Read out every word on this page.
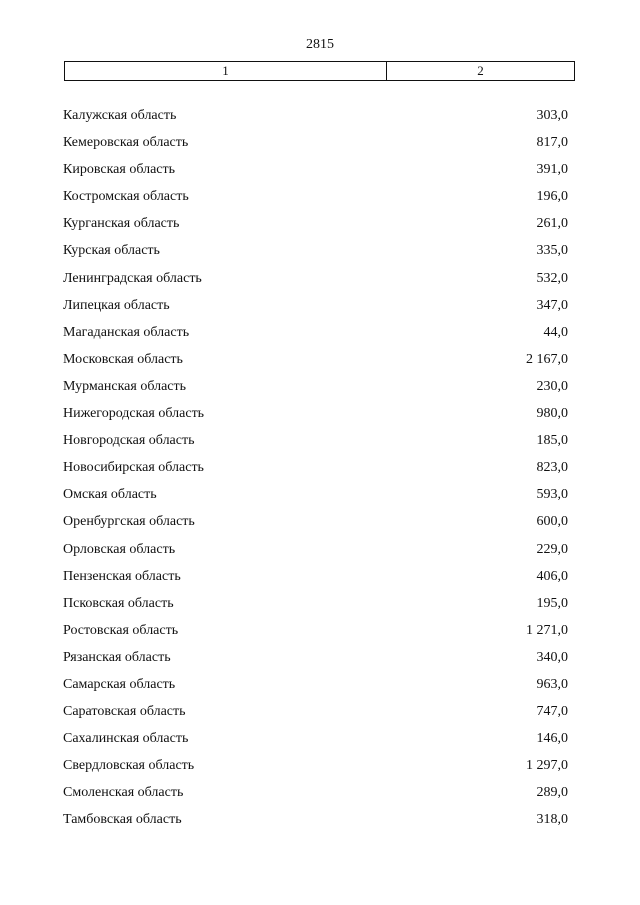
2815
1	2
Калужская область	303,0
Кемеровская область	817,0
Кировская область	391,0
Костромская область	196,0
Курганская область	261,0
Курская область	335,0
Ленинградская область	532,0
Липецкая область	347,0
Магаданская область	44,0
Московская область	2 167,0
Мурманская область	230,0
Нижегородская область	980,0
Новгородская область	185,0
Новосибирская область	823,0
Омская область	593,0
Оренбургская область	600,0
Орловская область	229,0
Пензенская область	406,0
Псковская область	195,0
Ростовская область	1 271,0
Рязанская область	340,0
Самарская область	963,0
Саратовская область	747,0
Сахалинская область	146,0
Свердловская область	1 297,0
Смоленская область	289,0
Тамбовская область	318,0
